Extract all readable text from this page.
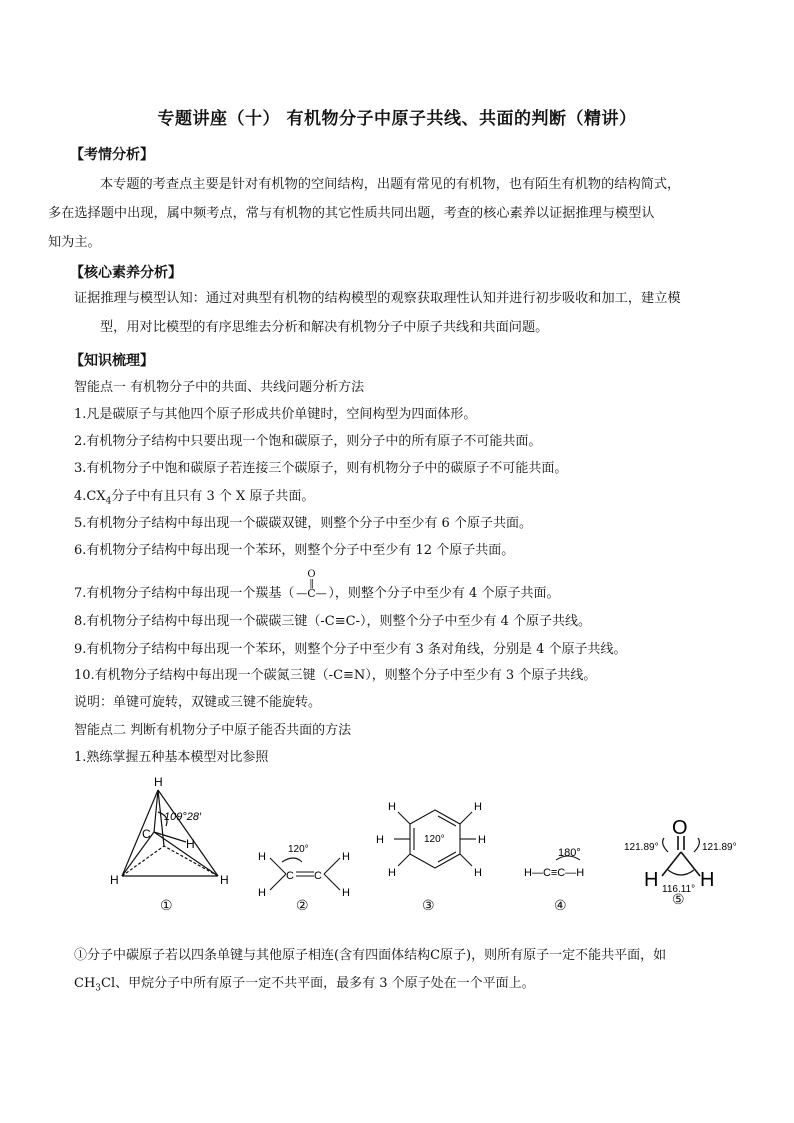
专题讲座（十） 有机物分子中原子共线、共面的判断（精讲）
【考情分析】
本专题的考查点主要是针对有机物的空间结构，出题有常见的有机物，也有陌生有机物的结构简式，
多在选择题中出现，属中频考点，常与有机物的其它性质共同出题，考查的核心素养以证据推理与模型认
知为主。
【核心素养分析】
证据推理与模型认知：通过对典型有机物的结构模型的观察获取理性认知并进行初步吸收和加工，建立模
型，用对比模型的有序思维去分析和解决有机物分子中原子共线和共面问题。
【知识梳理】
智能点一 有机物分子中的共面、共线问题分析方法
1.凡是碳原子与其他四个原子形成共价单键时，空间构型为四面体形。
2.有机物分子结构中只要出现一个饱和碳原子，则分子中的所有原子不可能共面。
3.有机物分子中饱和碳原子若连接三个碳原子，则有机物分子中的碳原子不可能共面。
$4.CX_4$分子中有且只有 3 个 X 原子共面。
5.有机物分子结构中每出现一个碳碳双键，则整个分子中至少有 6 个原子共面。
6.有机物分子结构中每出现一个苯环，则整个分子中至少有 12 个原子共面。
7.有机物分子结构中每出现一个羰基（
O
‖
—C— ），则整个分子中至少有 4 个原子共面。
8.有机物分子结构中每出现一个碳碳三键（-C≡C-），则整个分子中至少有 4 个原子共线。
9.有机物分子结构中每出现一个苯环，则整个分子中至少有 3 条对角线，分别是 4 个原子共线。
10.有机物分子结构中每出现一个碳氮三键（-C≡N），则整个分子中至少有 3 个原子共线。
说明：单键可旋转，双键或三键不能旋转。
智能点二 判断有机物分子中原子能否共面的方法
1.熟练掌握五种基本模型对比参照
H
C
H	H
H
109°28′
①
H
H
C C
H
H
120°
②
H	H
H	H
H	H
120°
③
180°
H—C≡C—H
④
O
H H
121.89°	121.89°
116.11°
⑤
①分子中碳原子若以四条单键与其他原子相连(含有四面体结构C原子)，则所有原子一定不能共平面，如
$CH_3Cl$、甲烷分子中所有原子一定不共平面，最多有 3 个原子处在一个平面上。
